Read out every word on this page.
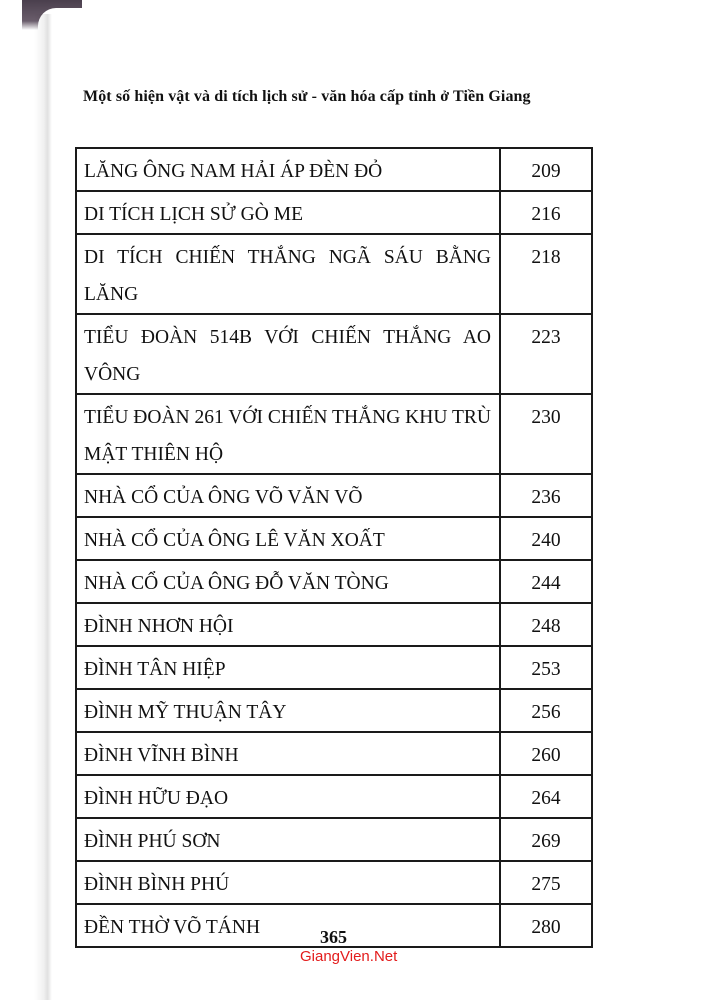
Một số hiện vật và di tích lịch sử - văn hóa cấp tỉnh ở Tiền Giang
LĂNG ÔNG NAM HẢI ÁP ĐÈN ĐỎ	209

DI TÍCH LỊCH SỬ GÒ ME	216

DI TÍCH CHIẾN THẮNG NGÃ SÁU BẰNG LĂNG	218

TIỂU ĐOÀN 514B VỚI CHIẾN THẮNG AO VÔNG	223

TIỂU ĐOÀN 261 VỚI CHIẾN THẮNG KHU TRÙ MẬT THIÊN HỘ	230

NHÀ CỔ CỦA ÔNG VÕ VĂN VÕ	236

NHÀ CỔ CỦA ÔNG LÊ VĂN XOẤT	240

NHÀ CỔ CỦA ÔNG ĐỖ VĂN TÒNG	244

ĐÌNH NHƠN HỘI	248

ĐÌNH TÂN HIỆP	253

ĐÌNH MỸ THUẬN TÂY	256

ĐÌNH VĨNH BÌNH	260

ĐÌNH HỮU ĐẠO	264

ĐÌNH PHÚ SƠN	269

ĐÌNH BÌNH PHÚ	275

ĐỀN THỜ VÕ TÁNH	280
365
GiangVien.Net
